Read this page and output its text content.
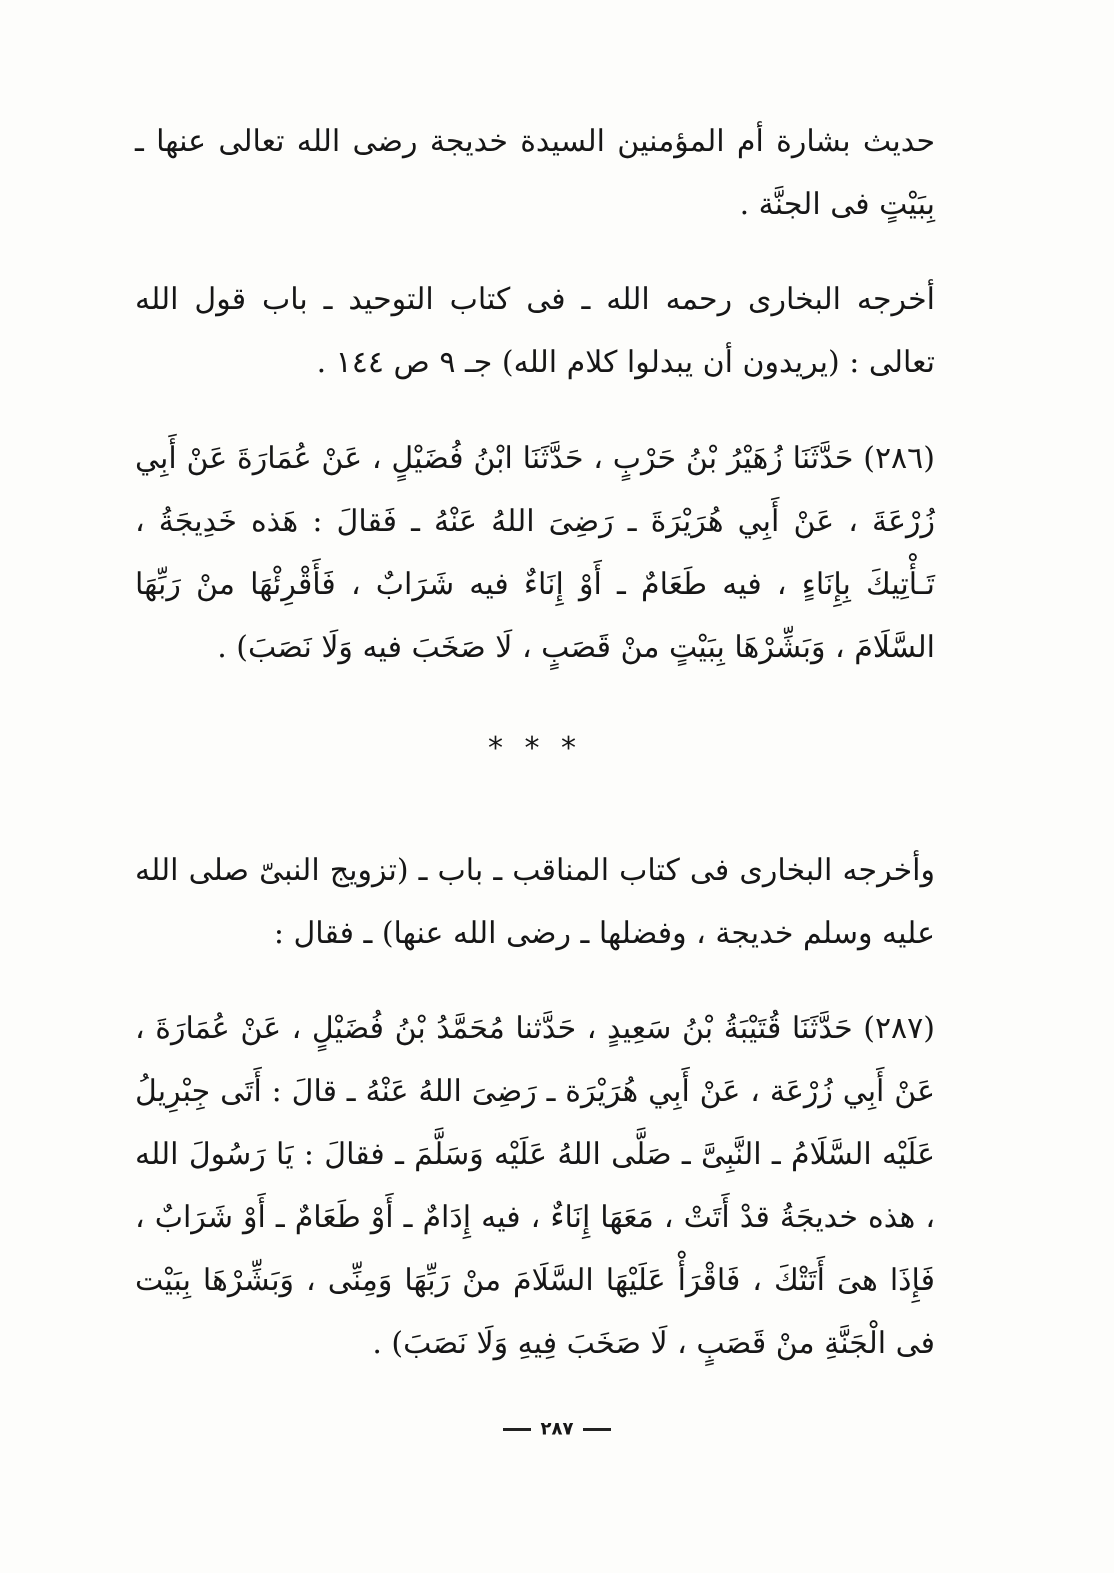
حديث بشارة أم المؤمنين السيدة خديجة رضى الله تعالى عنها ـ بِبَيْتٍ فى الجنَّة .

أخرجه البخارى رحمه الله ـ فى كتاب التوحيد ـ باب قول الله تعالى : (يريدون أن يبدلوا كلام الله) جـ ٩ ص ١٤٤ .

(٢٨٦) حَدَّثَنَا زُهَيْرُ بْنُ حَرْبٍ ، حَدَّثَنَا ابْنُ فُضَيْلٍ ، عَنْ عُمَارَةَ عَنْ أَبِي زُرْعَةَ ، عَنْ أَبِي هُرَيْرَةَ ـ رَضِىَ اللهُ عَنْهُ ـ فَقالَ : هَذه خَدِيجَةُ ، تَـأْتِيكَ بِإِنَاءٍ ، فيه طَعَامٌ ـ أَوْ إِنَاءٌ فيه شَرَابٌ ، فَأَقْرِئْهَا منْ رَبِّهَا السَّلَامَ ، وَبَشِّرْهَا بِبَيْتٍ منْ قَصَبٍ ، لَا صَخَبَ فيه وَلَا نَصَبَ) .

* * *

وأخرجه البخارى فى كتاب المناقب ـ باب ـ (تزويج النبىّ صلى الله عليه وسلم خديجة ، وفضلها ـ رضى الله عنها) ـ فقال :

(٢٨٧) حَدَّثَنَا قُتَيْبَةُ بْنُ سَعِيدٍ ، حَدَّثنا مُحَمَّدُ بْنُ فُضَيْلٍ ، عَنْ عُمَارَةَ ، عَنْ أَبِي زُرْعَة ، عَنْ أَبِي هُرَيْرَة ـ رَضِىَ اللهُ عَنْهُ ـ قالَ : أَتَى جِبْرِيلُ عَلَيْه السَّلَامُ ـ النَّبِىَّ ـ صَلَّى اللهُ عَلَيْه وَسَلَّمَ ـ فقالَ : يَا رَسُولَ الله ، هذه خديجَةُ قدْ أَتَتْ ، مَعَهَا إِنَاءٌ ، فيه إِدَامٌ ـ أَوْ طَعَامٌ ـ أَوْ شَرَابٌ ، فَإِذَا هىَ أَتَتْكَ ، فَاقْرَأْ عَلَيْهَا السَّلَامَ منْ رَبِّهَا وَمِنِّى ، وَبَشِّرْهَا بِبَيْت فى الْجَنَّةِ منْ قَصَبٍ ، لَا صَخَبَ فِيهِ وَلَا نَصَبَ) .

٢٨٧
